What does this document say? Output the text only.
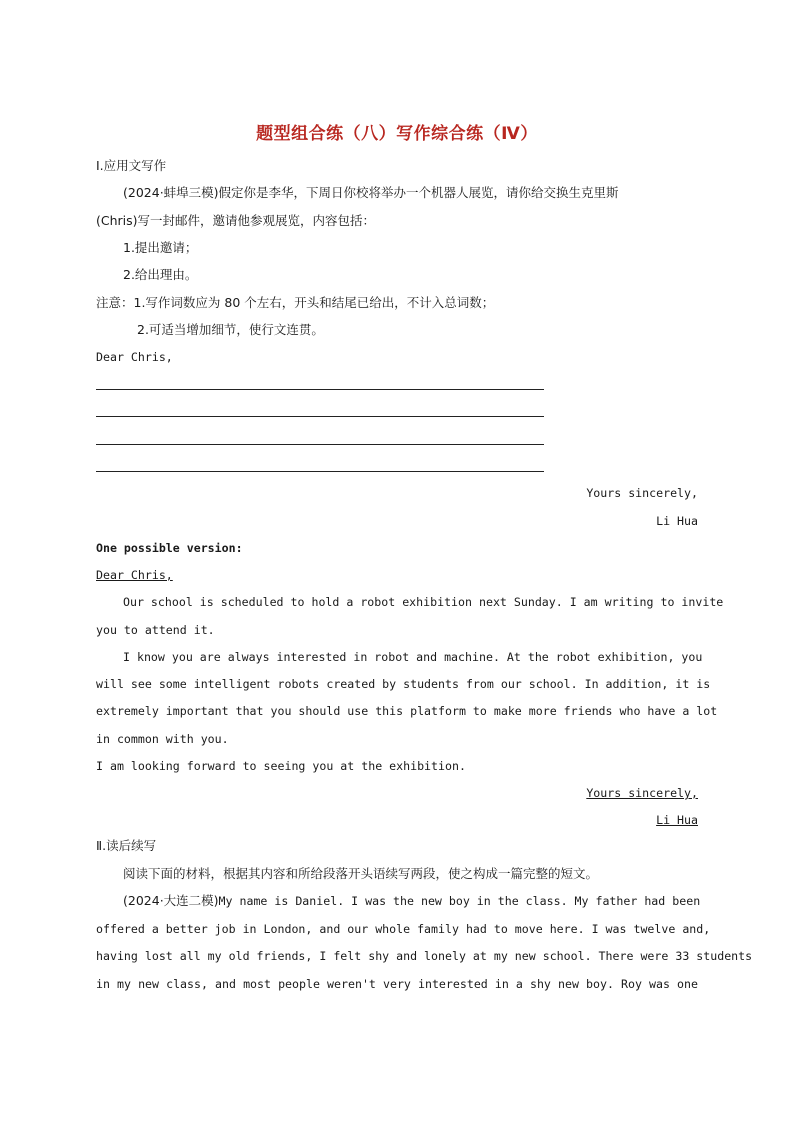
题型组合练（八）写作综合练（Ⅳ）
Ⅰ.应用文写作
(2024·蚌埠三模)假定你是李华，下周日你校将举办一个机器人展览，请你给交换生克里斯
(Chris)写一封邮件，邀请他参观展览，内容包括：
1.提出邀请；
2.给出理由。
注意：1.写作词数应为 80 个左右，开头和结尾已给出，不计入总词数；
2.可适当增加细节，使行文连贯。
Dear Chris,
Yours sincerely,
Li Hua
One possible version:
Dear Chris,
Our school is scheduled to hold a robot exhibition next Sunday. I am writing to invite
you to attend it.
I know you are always interested in robot and machine. At the robot exhibition, you
will see some intelligent robots created by students from our school. In addition, it is
extremely important that you should use this platform to make more friends who have a lot
in common with you.
I am looking forward to seeing you at the exhibition.
Yours sincerely,
Li Hua
Ⅱ.读后续写
阅读下面的材料，根据其内容和所给段落开头语续写两段，使之构成一篇完整的短文。
(2024·大连二模) My name is Daniel. I was the new boy in the class. My father had been
offered a better job in London, and our whole family had to move here. I was twelve and,
having lost all my old friends, I felt shy and lonely at my new school. There were 33 students
in my new class, and most people weren't very interested in a shy new boy. Roy was one
